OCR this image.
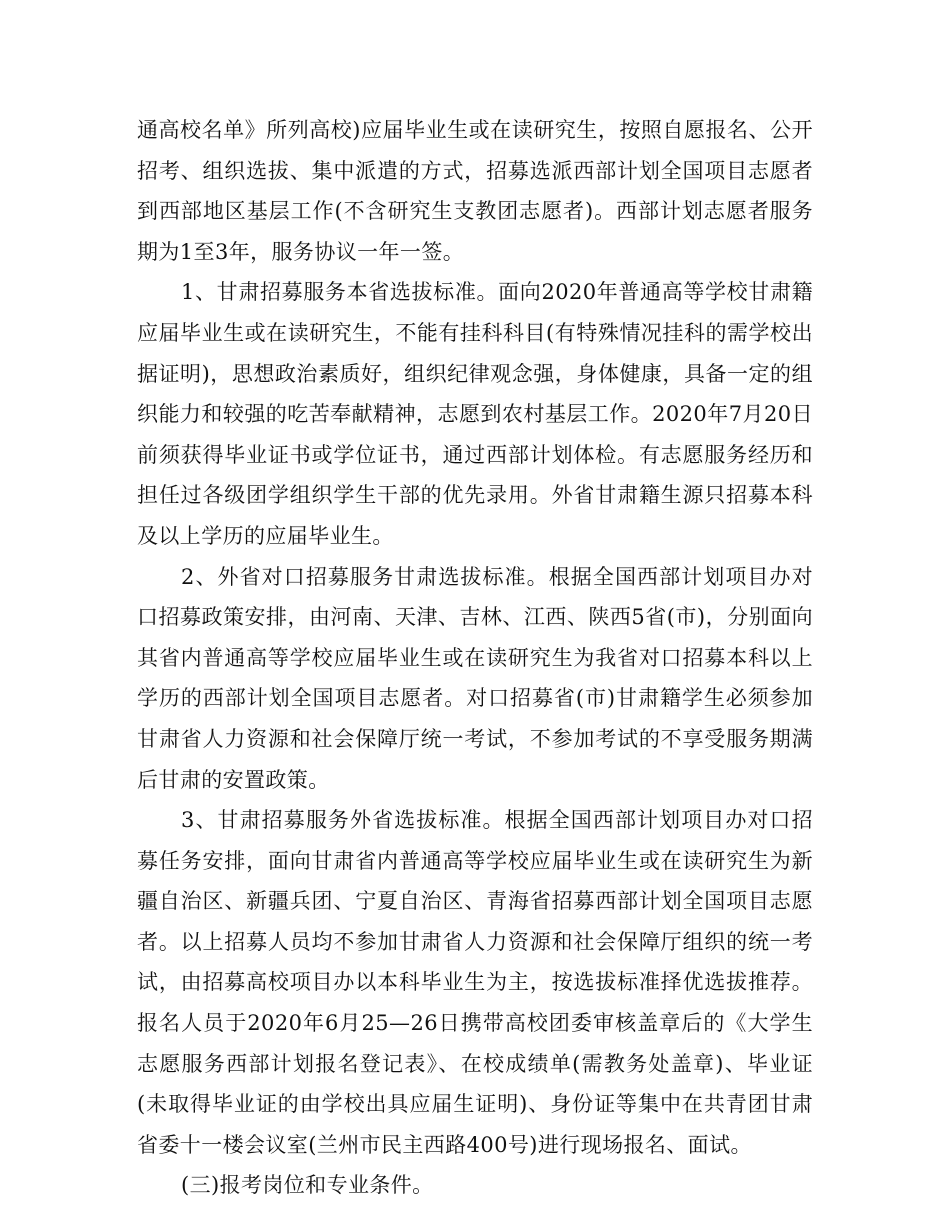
通高校名单》所列高校)应届毕业生或在读研究生，按照自愿报名、公开招考、组织选拔、集中派遣的方式，招募选派西部计划全国项目志愿者到西部地区基层工作(不含研究生支教团志愿者)。西部计划志愿者服务期为1至3年，服务协议一年一签。

1、甘肃招募服务本省选拔标准。面向2020年普通高等学校甘肃籍应届毕业生或在读研究生，不能有挂科科目(有特殊情况挂科的需学校出据证明)，思想政治素质好，组织纪律观念强，身体健康，具备一定的组织能力和较强的吃苦奉献精神，志愿到农村基层工作。2020年7月20日前须获得毕业证书或学位证书，通过西部计划体检。有志愿服务经历和担任过各级团学组织学生干部的优先录用。外省甘肃籍生源只招募本科及以上学历的应届毕业生。

2、外省对口招募服务甘肃选拔标准。根据全国西部计划项目办对口招募政策安排，由河南、天津、吉林、江西、陕西5省(市)，分别面向其省内普通高等学校应届毕业生或在读研究生为我省对口招募本科以上学历的西部计划全国项目志愿者。对口招募省(市)甘肃籍学生必须参加甘肃省人力资源和社会保障厅统一考试，不参加考试的不享受服务期满后甘肃的安置政策。

3、甘肃招募服务外省选拔标准。根据全国西部计划项目办对口招募任务安排，面向甘肃省内普通高等学校应届毕业生或在读研究生为新疆自治区、新疆兵团、宁夏自治区、青海省招募西部计划全国项目志愿者。以上招募人员均不参加甘肃省人力资源和社会保障厅组织的统一考试，由招募高校项目办以本科毕业生为主，按选拔标准择优选拔推荐。报名人员于2020年6月25—26日携带高校团委审核盖章后的《大学生志愿服务西部计划报名登记表》、在校成绩单(需教务处盖章)、毕业证(未取得毕业证的由学校出具应届生证明)、身份证等集中在共青团甘肃省委十一楼会议室(兰州市民主西路400号)进行现场报名、面试。

(三)报考岗位和专业条件。
